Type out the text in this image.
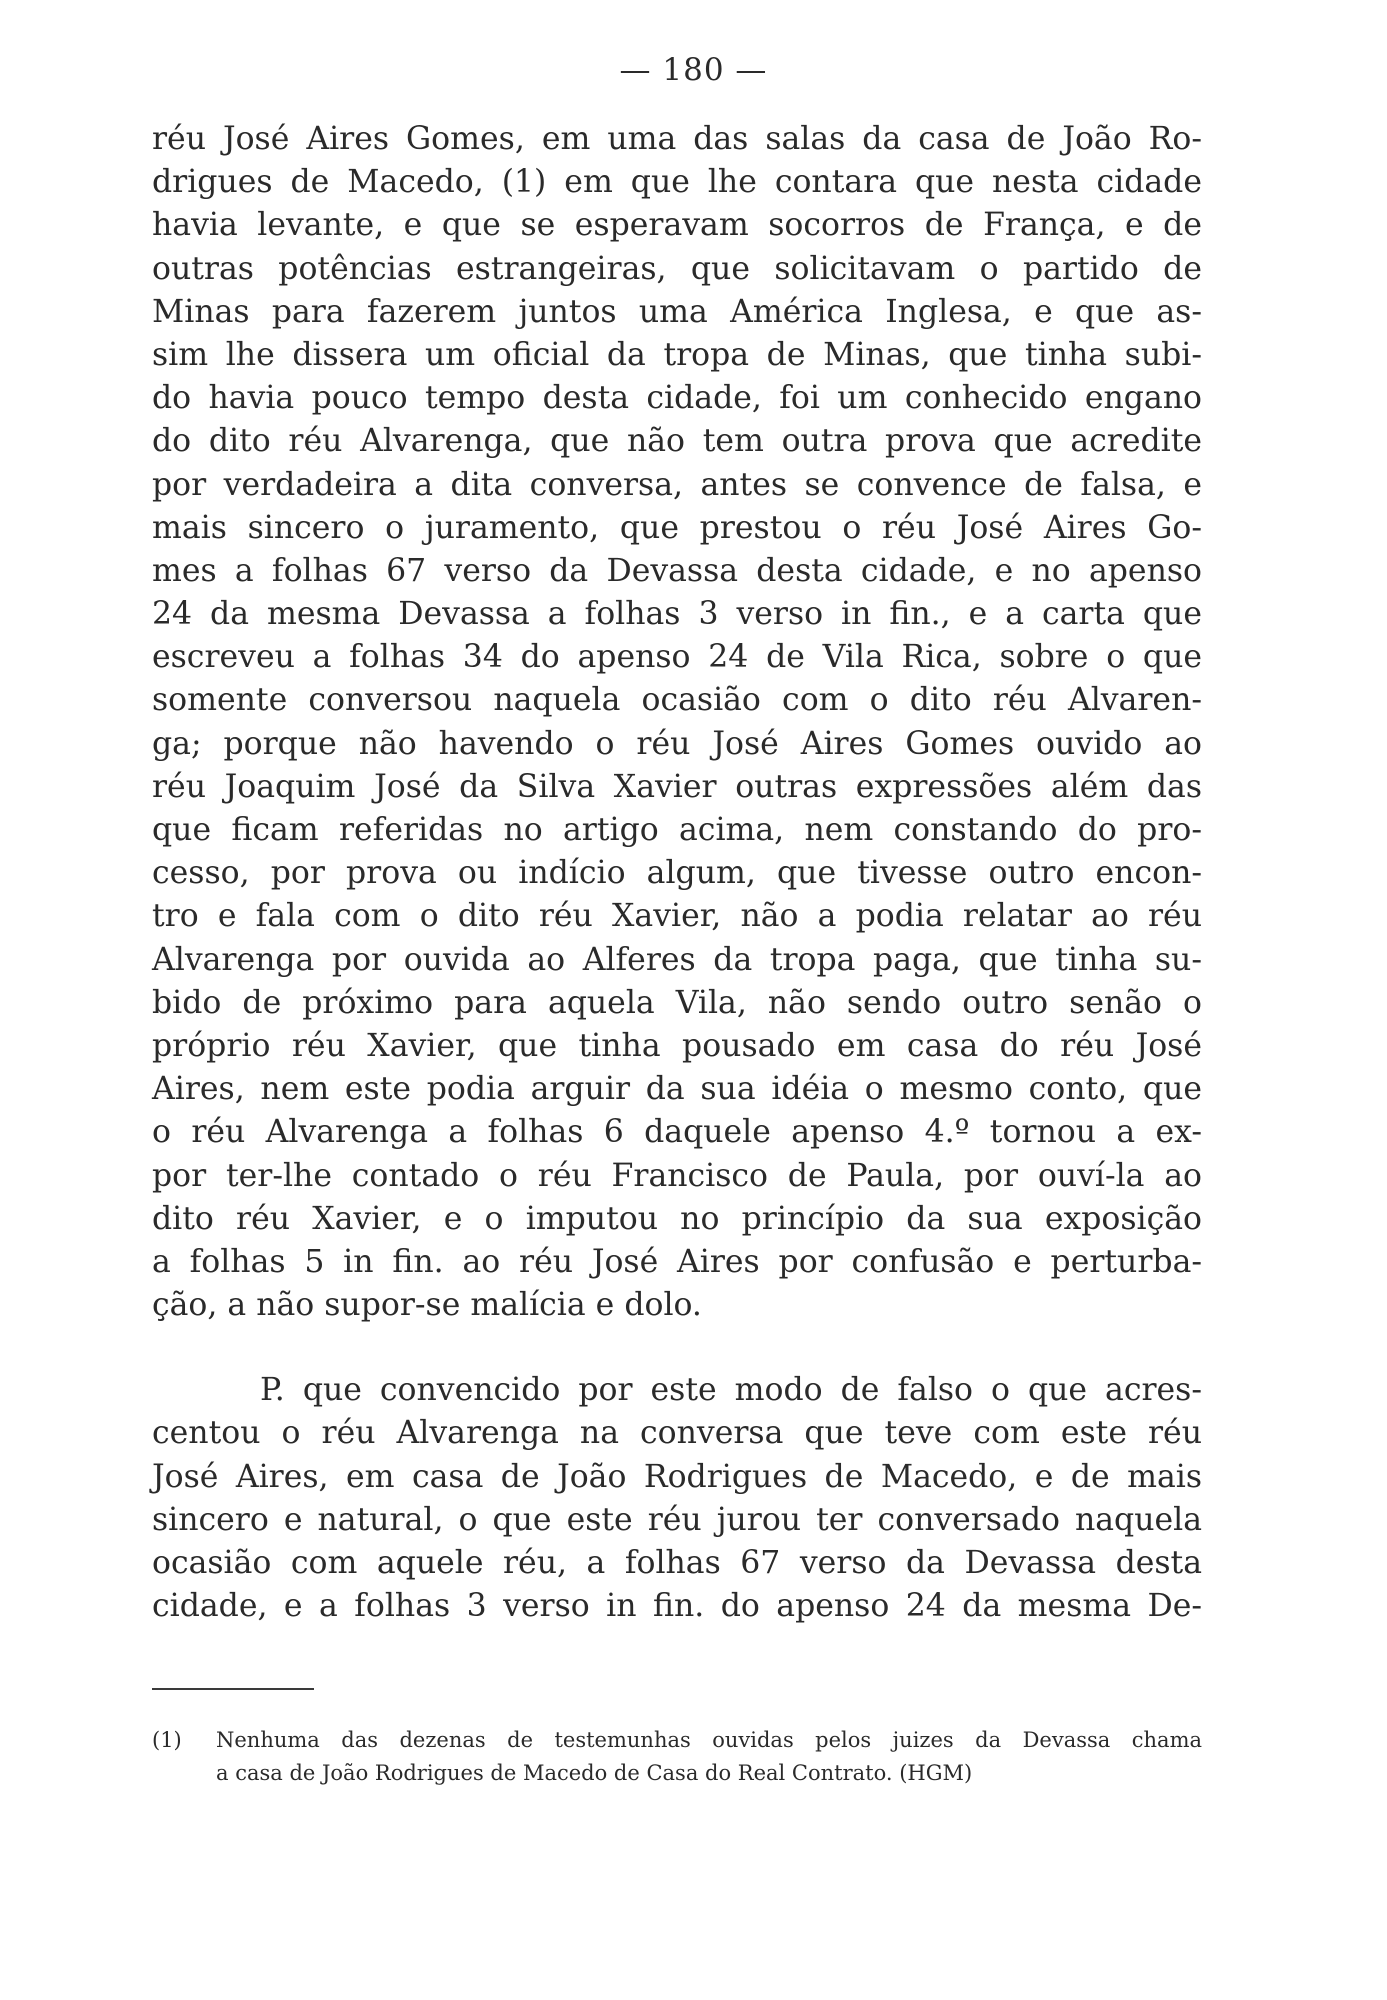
— 180 —
réu José Aires Gomes, em uma das salas da casa de João Ro-
drigues de Macedo, (1) em que lhe contara que nesta cidade
havia levante, e que se esperavam socorros de França, e de
outras potências estrangeiras, que solicitavam o partido de
Minas para fazerem juntos uma América Inglesa, e que as-
sim lhe dissera um oficial da tropa de Minas, que tinha subi-
do havia pouco tempo desta cidade, foi um conhecido engano
do dito réu Alvarenga, que não tem outra prova que acredite
por verdadeira a dita conversa, antes se convence de falsa, e
mais sincero o juramento, que prestou o réu José Aires Go-
mes a folhas 67 verso da Devassa desta cidade, e no apenso
24 da mesma Devassa a folhas 3 verso in fin., e a carta que
escreveu a folhas 34 do apenso 24 de Vila Rica, sobre o que
somente conversou naquela ocasião com o dito réu Alvaren-
ga; porque não havendo o réu José Aires Gomes ouvido ao
réu Joaquim José da Silva Xavier outras expressões além das
que ficam referidas no artigo acima, nem constando do pro-
cesso, por prova ou indício algum, que tivesse outro encon-
tro e fala com o dito réu Xavier, não a podia relatar ao réu
Alvarenga por ouvida ao Alferes da tropa paga, que tinha su-
bido de próximo para aquela Vila, não sendo outro senão o
próprio réu Xavier, que tinha pousado em casa do réu José
Aires, nem este podia arguir da sua idéia o mesmo conto, que
o réu Alvarenga a folhas 6 daquele apenso 4.º tornou a ex-
por ter-lhe contado o réu Francisco de Paula, por ouví-la ao
dito réu Xavier, e o imputou no princípio da sua exposição
a folhas 5 in fin. ao réu José Aires por confusão e perturba-
ção, a não supor-se malícia e dolo.
P. que convencido por este modo de falso o que acres-
centou o réu Alvarenga na conversa que teve com este réu
José Aires, em casa de João Rodrigues de Macedo, e de mais
sincero e natural, o que este réu jurou ter conversado naquela
ocasião com aquele réu, a folhas 67 verso da Devassa desta
cidade, e a folhas 3 verso in fin. do apenso 24 da mesma De-
(1) Nenhuma das dezenas de testemunhas ouvidas pelos juizes da Devassa chama
a casa de João Rodrigues de Macedo de Casa do Real Contrato. (HGM)
